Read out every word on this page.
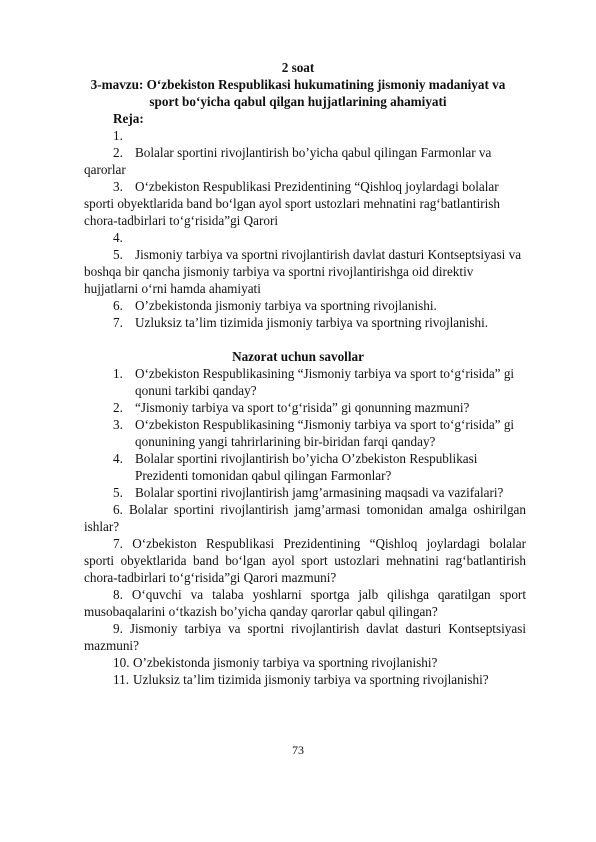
2 soat
3-mavzu: O‘zbekiston Respublikasi hukumatining jismoniy madaniyat va
sport bo‘yicha qabul qilgan hujjatlarining ahamiyati
Reja:
1.
2. Bolalar sportini rivojlantirish bo’yicha qabul qilingan Farmonlar va
qarorlar
3. O‘zbekiston Respublikasi Prezidentining “Qishloq joylardagi bolalar
sporti obyektlarida band bo‘lgan ayol sport ustozlari mehnatini rag‘batlantirish
chora-tadbirlari to‘g‘risida”gi Qarori
4.
5. Jismoniy tarbiya va sportni rivojlantirish davlat dasturi Kontseptsiyasi va
boshqa bir qancha jismoniy tarbiya va sportni rivojlantirishga oid direktiv
hujjatlarni o‘rni hamda ahamiyati
6. O’zbekistonda jismoniy tarbiya va sportning rivojlanishi.
7. Uzluksiz ta’lim tizimida jismoniy tarbiya va sportning rivojlanishi.
Nazorat uchun savollar
1. O‘zbekiston Respublikasining “Jismoniy tarbiya va sport to‘g‘risida” gi
qonuni tarkibi qanday?
2. “Jismoniy tarbiya va sport to‘g‘risida” gi qonunning mazmuni?
3. O‘zbekiston Respublikasining “Jismoniy tarbiya va sport to‘g‘risida” gi
qonunining yangi tahrirlarining bir-biridan farqi qanday?
4. Bolalar sportini rivojlantirish bo’yicha O’zbekiston Respublikasi
Prezidenti tomonidan qabul qilingan Farmonlar?
5. Bolalar sportini rivojlantirish jamg’armasining maqsadi va vazifalari?
6. Bolalar sportini rivojlantirish jamg’armasi tomonidan amalga oshirilgan
ishlar?
7. O‘zbekiston Respublikasi Prezidentining “Qishloq joylardagi bolalar
sporti obyektlarida band bo‘lgan ayol sport ustozlari mehnatini rag‘batlantirish
chora-tadbirlari to‘g‘risida”gi Qarori mazmuni?
8. O‘quvchi va talaba yoshlarni sportga jalb qilishga qaratilgan sport
musobaqalarini o‘tkazish bo’yicha qanday qarorlar qabul qilingan?
9. Jismoniy tarbiya va sportni rivojlantirish davlat dasturi Kontseptsiyasi
mazmuni?
10. O’zbekistonda jismoniy tarbiya va sportning rivojlanishi?
11. Uzluksiz ta’lim tizimida jismoniy tarbiya va sportning rivojlanishi?
73
